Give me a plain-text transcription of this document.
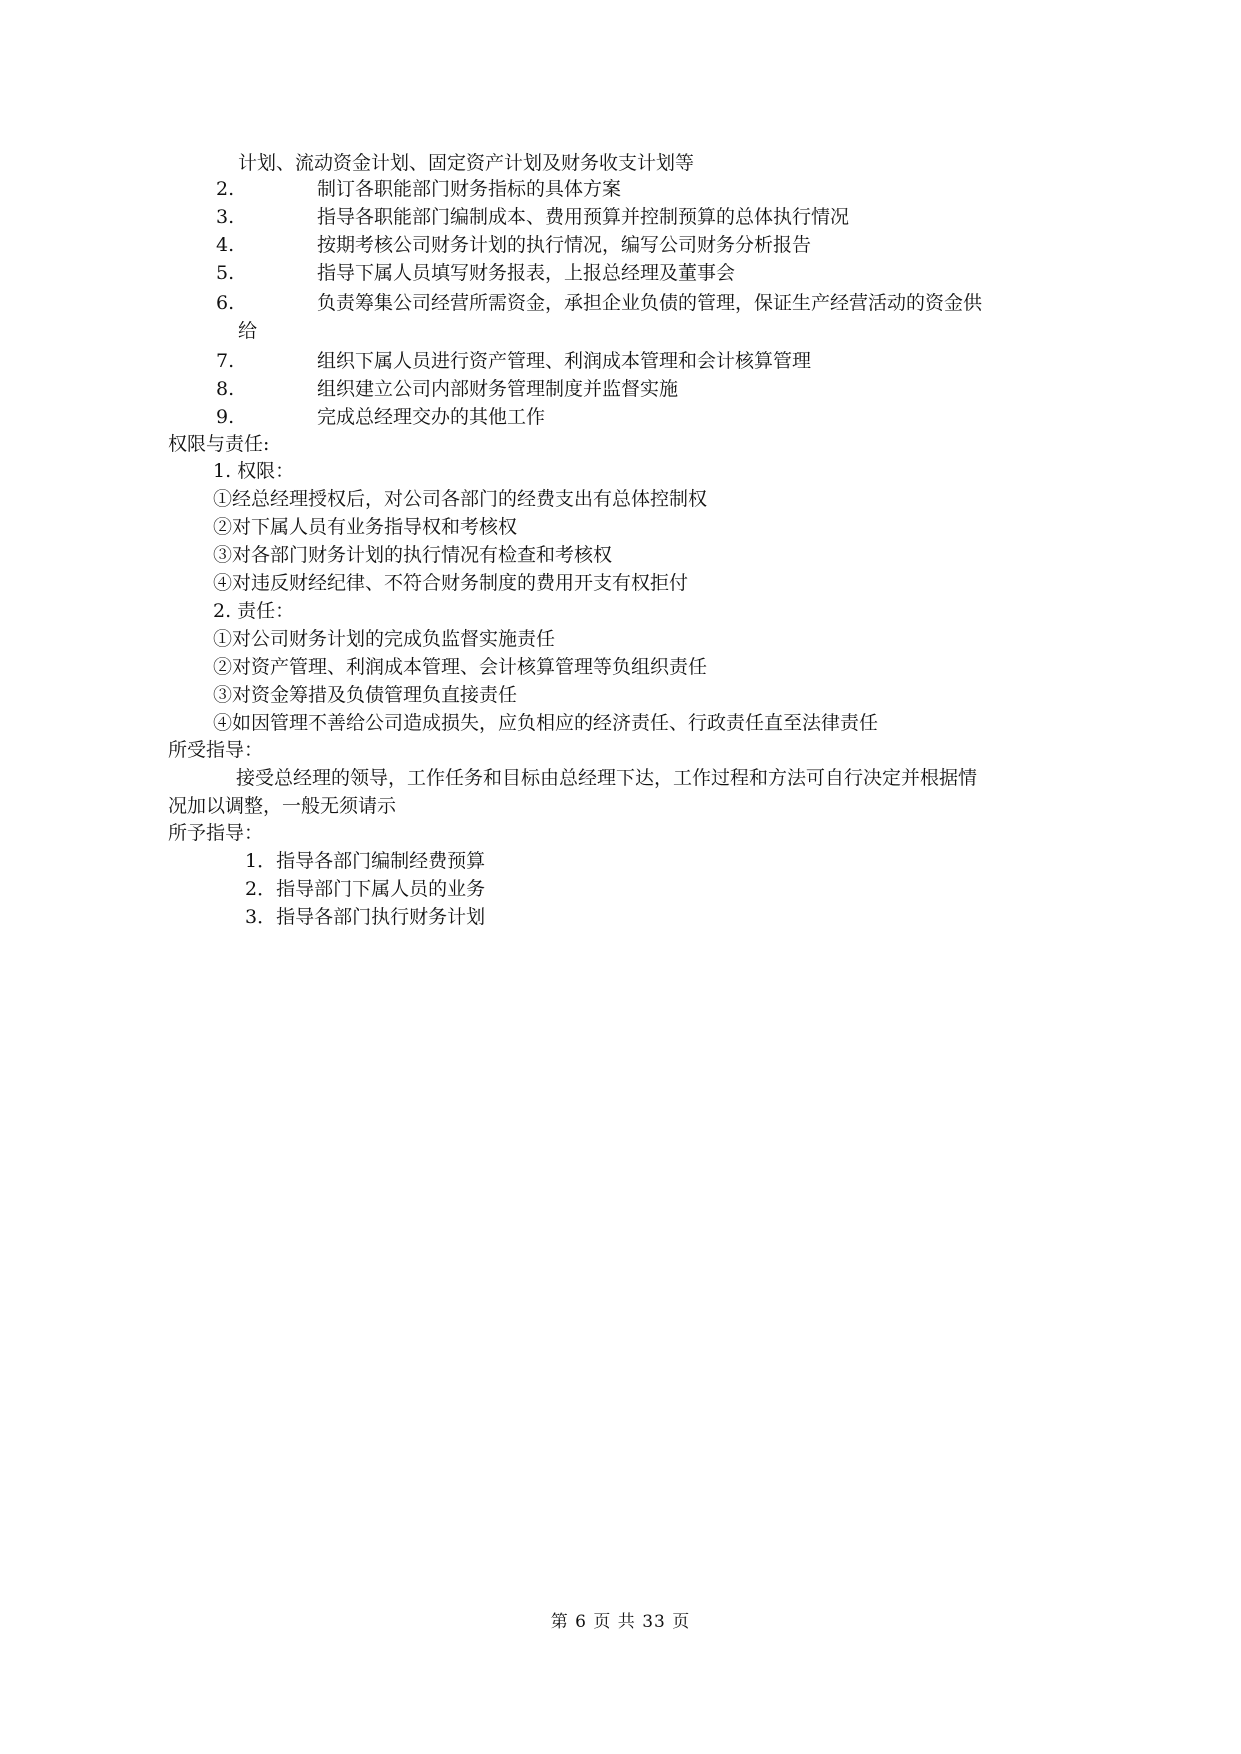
计划、流动资金计划、固定资产计划及财务收支计划等
2.	制订各职能部门财务指标的具体方案
3.	指导各职能部门编制成本、费用预算并控制预算的总体执行情况
4.	按期考核公司财务计划的执行情况，编写公司财务分析报告
5.	指导下属人员填写财务报表，上报总经理及董事会
6.	负责筹集公司经营所需资金，承担企业负债的管理，保证生产经营活动的资金供
给
7.	组织下属人员进行资产管理、利润成本管理和会计核算管理
8.	组织建立公司内部财务管理制度并监督实施
9.	完成总经理交办的其他工作
权限与责任:
1. 权限：
①经总经理授权后，对公司各部门的经费支出有总体控制权
②对下属人员有业务指导权和考核权
③对各部门财务计划的执行情况有检查和考核权
④对违反财经纪律、不符合财务制度的费用开支有权拒付
2. 责任：
①对公司财务计划的完成负监督实施责任
②对资产管理、利润成本管理、会计核算管理等负组织责任
③对资金筹措及负债管理负直接责任
④如因管理不善给公司造成损失，应负相应的经济责任、行政责任直至法律责任
所受指导：
接受总经理的领导，工作任务和目标由总经理下达，工作过程和方法可自行决定并根据情
况加以调整，一般无须请示
所予指导：
1．指导各部门编制经费预算
2．指导部门下属人员的业务
3．指导各部门执行财务计划
第 6 页 共 33 页
